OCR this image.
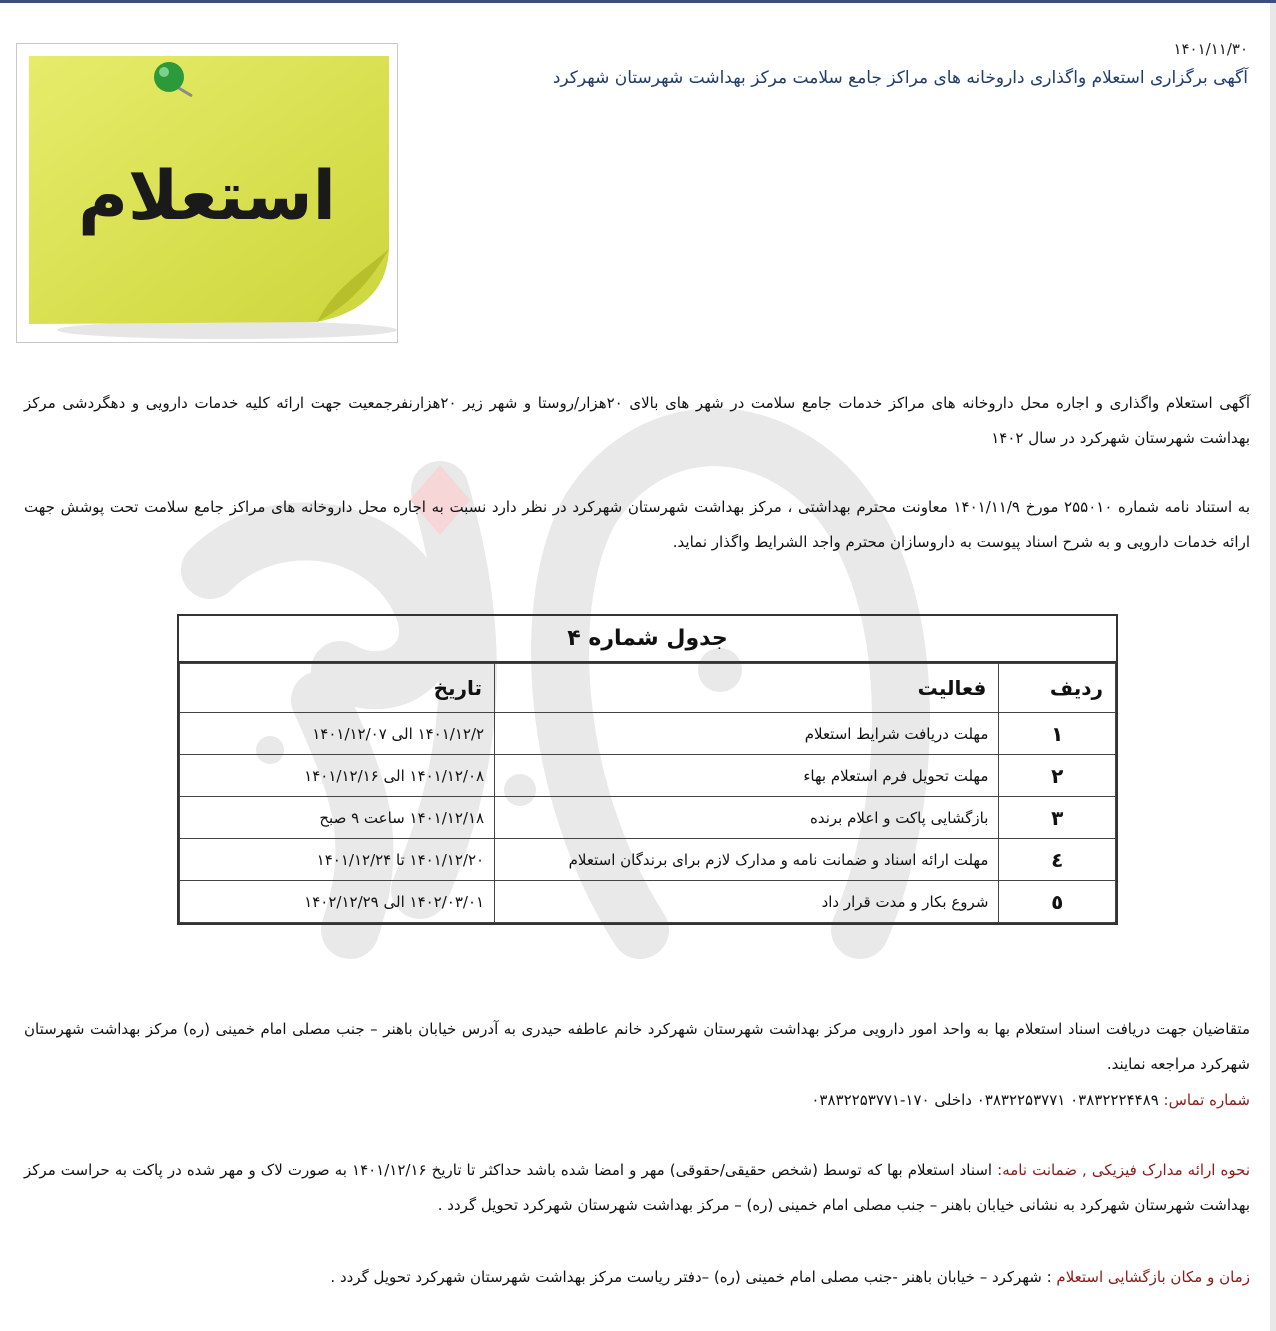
۱۴۰۱/۱۱/۳۰
آگهی برگزاری استعلام واگذاری داروخانه های مراکز جامع سلامت مرکز بهداشت شهرستان شهرکرد
استعلام
آگهی استعلام واگذاری و اجاره محل داروخانه های مراکز خدمات جامع سلامت در شهر های بالای ۲۰هزار/روستا و شهر زیر ۲۰هزارنفرجمعیت جهت ارائه کلیه خدمات دارویی و دهگردشی مرکز بهداشت شهرستان شهرکرد در سال ۱۴۰۲
به استناد نامه شماره ۲۵۵۰۱۰ مورخ ۱۴۰۱/۱۱/۹ معاونت محترم بهداشتی ، مرکز بهداشت شهرستان شهرکرد در نظر دارد نسبت به اجاره محل داروخانه های مراکز جامع سلامت تحت پوشش جهت ارائه خدمات دارویی و به شرح اسناد پیوست به داروسازان محترم واجد الشرایط واگذار نماید.
جدول شماره ۴
ردیف	فعالیت	تاریخ
۱	مهلت دریافت شرایط استعلام	۱۴۰۱/۱۲/۲ الی ۱۴۰۱/۱۲/۰۷
۲	مهلت تحویل فرم استعلام بهاء	۱۴۰۱/۱۲/۰۸ الی ۱۴۰۱/۱۲/۱۶
۳	بازگشایی پاکت و اعلام برنده	۱۴۰۱/۱۲/۱۸ ساعت ۹ صبح
٤	مهلت ارائه اسناد و ضمانت نامه و مدارک لازم برای برندگان استعلام	۱۴۰۱/۱۲/۲۰ تا ۱۴۰۱/۱۲/۲۴
٥	شروع بکار و مدت قرار داد	۱۴۰۲/۰۳/۰۱ الی ۱۴۰۲/۱۲/۲۹
متقاضیان جهت دریافت اسناد استعلام بها به واحد امور دارویی مرکز بهداشت شهرستان شهرکرد خانم عاطفه حیدری به آدرس خیابان باهنر – جنب مصلی امام خمینی (ره) مرکز بهداشت شهرستان شهرکرد مراجعه نمایند.
شماره تماس: ۰۳۸۳۲۲۲۴۴۸۹ ۰۳۸۳۲۲۵۳۷۷۱ داخلی ۱۷۰-۰۳۸۳۲۲۵۳۷۷۱
نحوه ارائه مدارک فیزیکی , ضمانت نامه: اسناد استعلام بها که توسط (شخص حقیقی/حقوقی) مهر و امضا شده باشد حداکثر تا تاریخ ۱۴۰۱/۱۲/۱۶ به صورت لاک و مهر شده در پاکت به حراست مرکز بهداشت شهرستان شهرکرد به نشانی خیابان باهنر – جنب مصلی امام خمینی (ره) – مرکز بهداشت شهرستان شهرکرد تحویل گردد .
زمان و مکان بازگشایی استعلام : شهرکرد – خیابان باهنر -جنب مصلی امام خمینی (ره) –دفتر ریاست مرکز بهداشت شهرستان شهرکرد تحویل گردد .
